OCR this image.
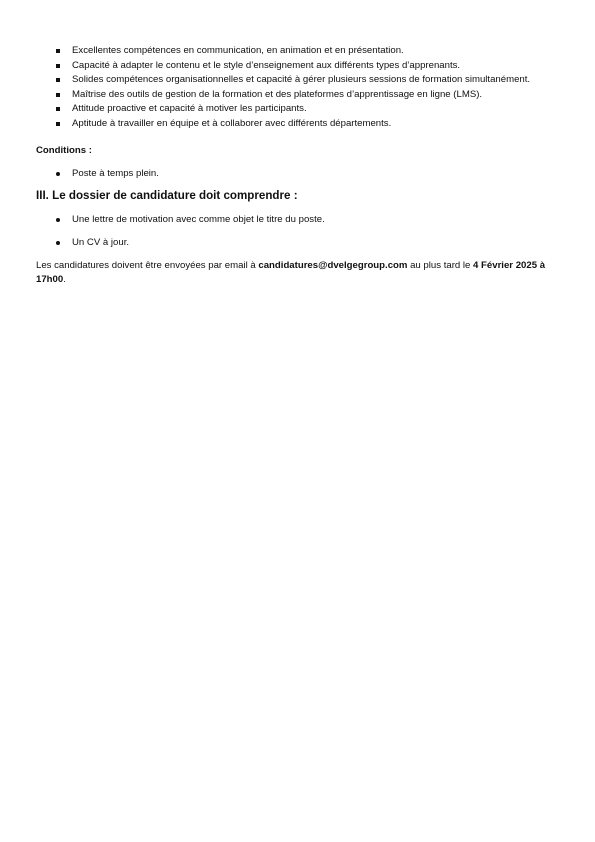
Excellentes compétences en communication, en animation et en présentation.
Capacité à adapter le contenu et le style d’enseignement aux différents types d’apprenants.
Solides compétences organisationnelles et capacité à gérer plusieurs sessions de formation simultanément.
Maîtrise des outils de gestion de la formation et des plateformes d’apprentissage en ligne (LMS).
Attitude proactive et capacité à motiver les participants.
Aptitude à travailler en équipe et à collaborer avec différents départements.

Conditions :

Poste à temps plein.
III. Le dossier de candidature doit comprendre :
Une lettre de motivation avec comme objet le titre du poste.
Un CV à jour.

Les candidatures doivent être envoyées par email à candidatures@dvelgegroup.com au plus tard le 4 Février 2025 à 17h00.
